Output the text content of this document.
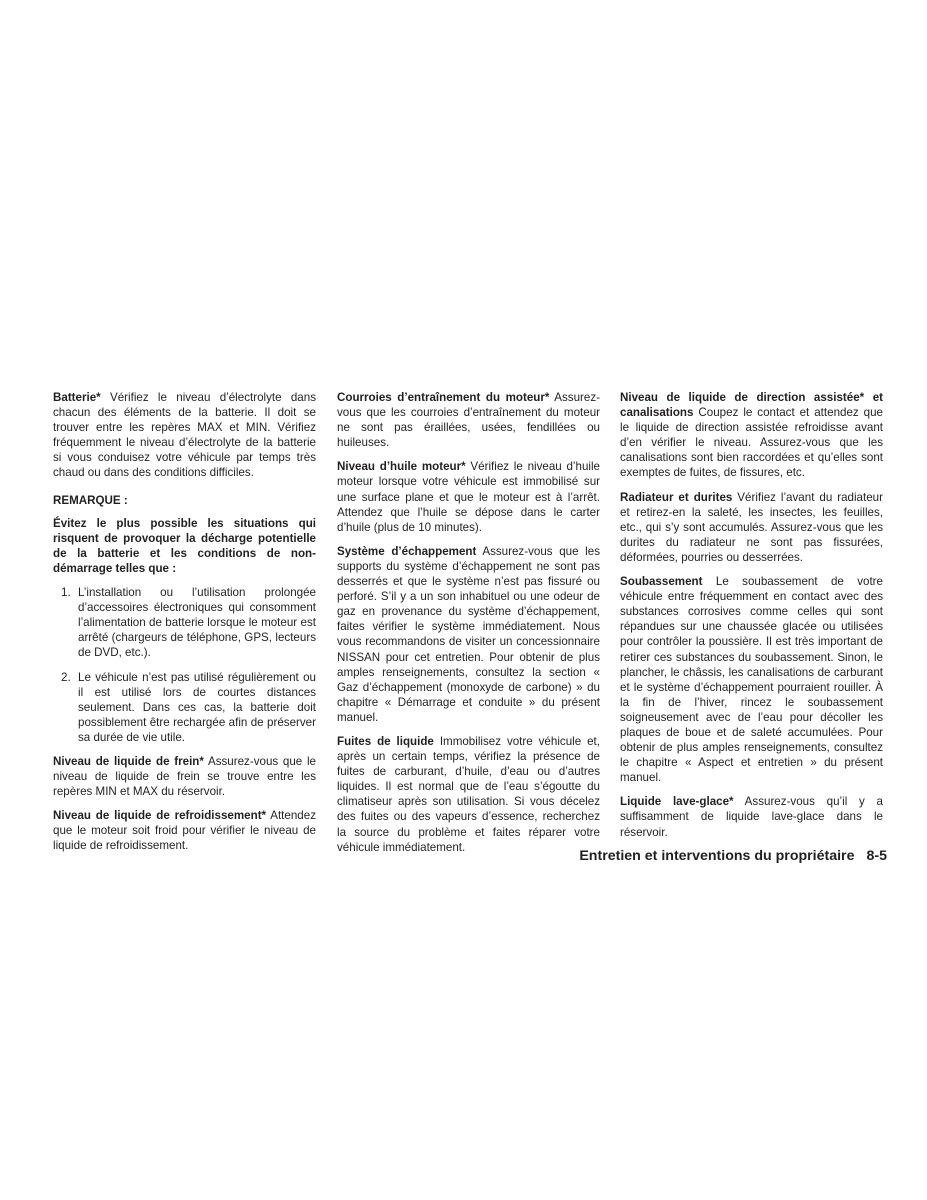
Batterie* Vérifiez le niveau d’électrolyte dans chacun des éléments de la batterie. Il doit se trouver entre les repères MAX et MIN. Vérifiez fréquemment le niveau d’électrolyte de la batterie si vous conduisez votre véhicule par temps très chaud ou dans des conditions difficiles.

REMARQUE :

Évitez le plus possible les situations qui risquent de provoquer la décharge potentielle de la batterie et les conditions de non-démarrage telles que :

1. L’installation ou l’utilisation prolongée d’accessoires électroniques qui consomment l’alimentation de batterie lorsque le moteur est arrêté (chargeurs de téléphone, GPS, lecteurs de DVD, etc.).
2. Le véhicule n’est pas utilisé régulièrement ou il est utilisé lors de courtes distances seulement. Dans ces cas, la batterie doit possiblement être rechargée afin de préserver sa durée de vie utile.

Niveau de liquide de frein* Assurez-vous que le niveau de liquide de frein se trouve entre les repères MIN et MAX du réservoir.

Niveau de liquide de refroidissement* Attendez que le moteur soit froid pour vérifier le niveau de liquide de refroidissement.

Courroies d’entraînement du moteur* Assurez-vous que les courroies d’entraînement du moteur ne sont pas éraillées, usées, fendillées ou huileuses.

Niveau d’huile moteur* Vérifiez le niveau d’huile moteur lorsque votre véhicule est immobilisé sur une surface plane et que le moteur est à l’arrêt. Attendez que l’huile se dépose dans le carter d’huile (plus de 10 minutes).

Système d’échappement Assurez-vous que les supports du système d’échappement ne sont pas desserrés et que le système n’est pas fissuré ou perforé. S’il y a un son inhabituel ou une odeur de gaz en provenance du système d’échappement, faites vérifier le système immédiatement. Nous vous recommandons de visiter un concessionnaire NISSAN pour cet entretien. Pour obtenir de plus amples renseignements, consultez la section « Gaz d’échappement (monoxyde de carbone) » du chapitre « Démarrage et conduite » du présent manuel.

Fuites de liquide Immobilisez votre véhicule et, après un certain temps, vérifiez la présence de fuites de carburant, d’huile, d’eau ou d’autres liquides. Il est normal que de l’eau s’égoutte du climatiseur après son utilisation. Si vous décelez des fuites ou des vapeurs d’essence, recherchez la source du problème et faites réparer votre véhicule immédiatement.

Niveau de liquide de direction assistée* et canalisations Coupez le contact et attendez que le liquide de direction assistée refroidisse avant d’en vérifier le niveau. Assurez-vous que les canalisations sont bien raccordées et qu’elles sont exemptes de fuites, de fissures, etc.

Radiateur et durites Vérifiez l’avant du radiateur et retirez-en la saleté, les insectes, les feuilles, etc., qui s’y sont accumulés. Assurez-vous que les durites du radiateur ne sont pas fissurées, déformées, pourries ou desserrées.

Soubassement Le soubassement de votre véhicule entre fréquemment en contact avec des substances corrosives comme celles qui sont répandues sur une chaussée glacée ou utilisées pour contrôler la poussière. Il est très important de retirer ces substances du soubassement. Sinon, le plancher, le châssis, les canalisations de carburant et le système d’échappement pourraient rouiller. À la fin de l’hiver, rincez le soubassement soigneusement avec de l’eau pour décoller les plaques de boue et de saleté accumulées. Pour obtenir de plus amples renseignements, consultez le chapitre « Aspect et entretien » du présent manuel.

Liquide lave-glace* Assurez-vous qu’il y a suffisamment de liquide lave-glace dans le réservoir.

Entretien et interventions du propriétaire 8-5
